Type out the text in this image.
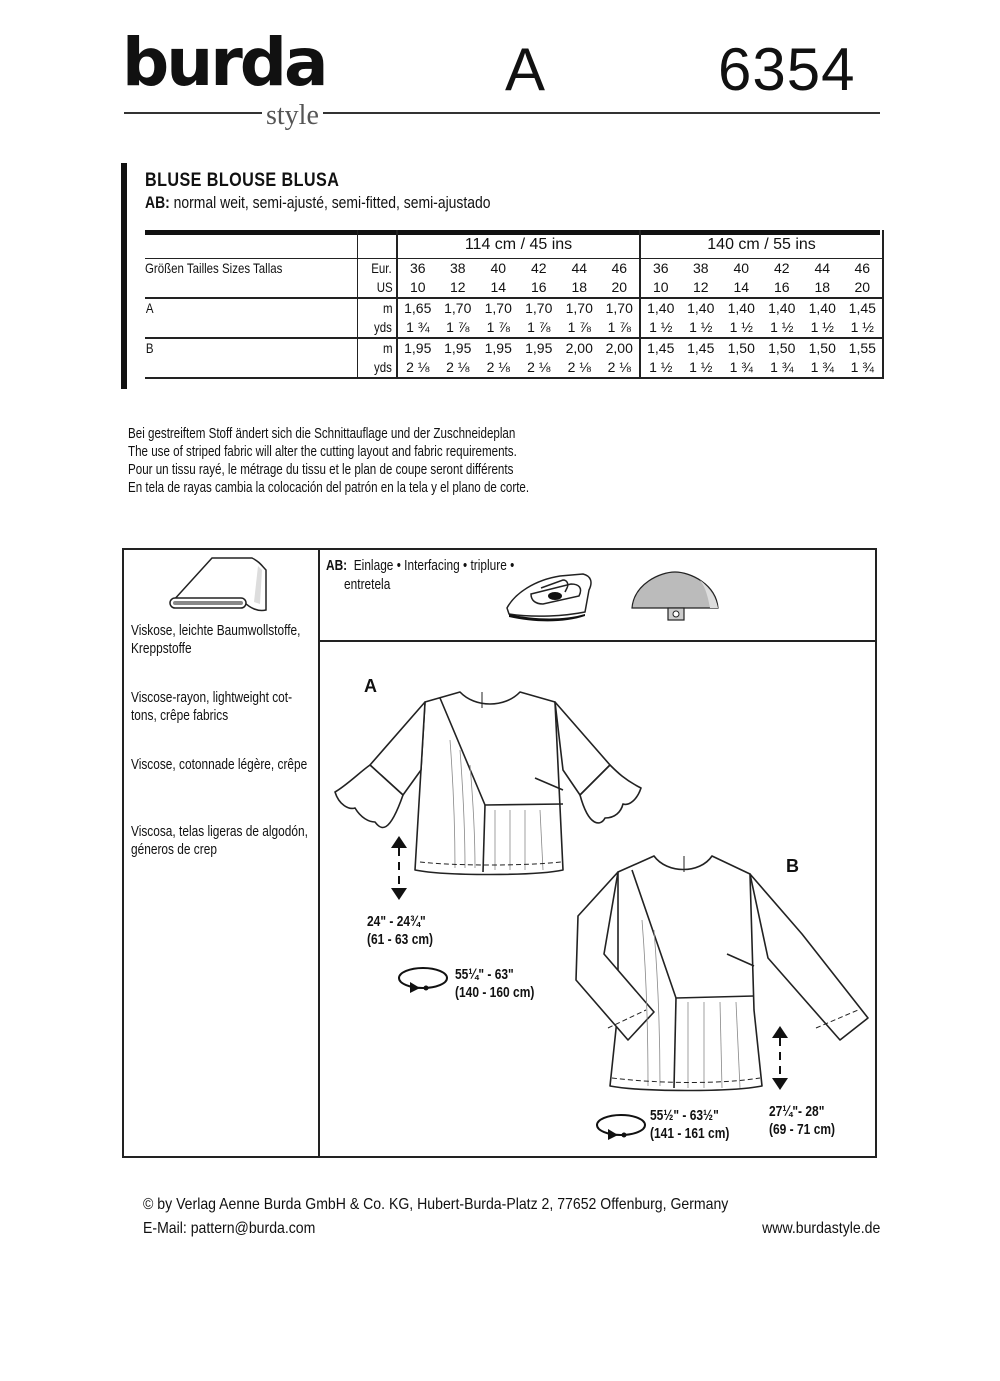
burda
style
A	6354
BLUSE BLOUSE BLUSA
AB: normal weit, semi-ajusté, semi-fitted, semi-ajustado
		114 cm / 45 ins						140 cm / 55 ins					
Größen Tailles Sizes Tallas	Eur.	36	38	40	42	44	46	36	38	40	42	44	46
	US	10	12	14	16	18	20	10	12	14	16	18	20
A	m	1,65	1,70	1,70	1,70	1,70	1,70	1,40	1,40	1,40	1,40	1,40	1,45
	yds	1 ¾	1 ⅞	1 ⅞	1 ⅞	1 ⅞	1 ⅞	1 ½	1 ½	1 ½	1 ½	1 ½	1 ½
B	m	1,95	1,95	1,95	1,95	2,00	2,00	1,45	1,45	1,50	1,50	1,50	1,55
	yds	2 ⅛	2 ⅛	2 ⅛	2 ⅛	2 ⅛	2 ⅛	1 ½	1 ½	1 ¾	1 ¾	1 ¾	1 ¾
Bei gestreiftem Stoff ändert sich die Schnittauflage und der Zuschneideplan
The use of striped fabric will alter the cutting layout and fabric requirements.
Pour un tissu rayé, le métrage du tissu et le plan de coupe seront différents
En tela de rayas cambia la colocación del patrón en la tela y el plano de corte.
Viskose, leichte Baumwollstoffe,
Kreppstoffe
Viscose-rayon, lightweight cot-
tons, crêpe fabrics
Viscose, cotonnade légère, crêpe
Viscosa, telas ligeras de algodón,
géneros de crep
AB: Einlage • Interfacing • triplure •
entretela
A
24" - 24¾"
(61 - 63 cm)
55¼" - 63"
(140 - 160 cm)
B
27¼"- 28"
(69 - 71 cm)
55½" - 63½"
(141 - 161 cm)
© by Verlag Aenne Burda GmbH & Co. KG, Hubert-Burda-Platz 2, 77652 Offenburg, Germany
E-Mail: pattern@burda.com	www.burdastyle.de
